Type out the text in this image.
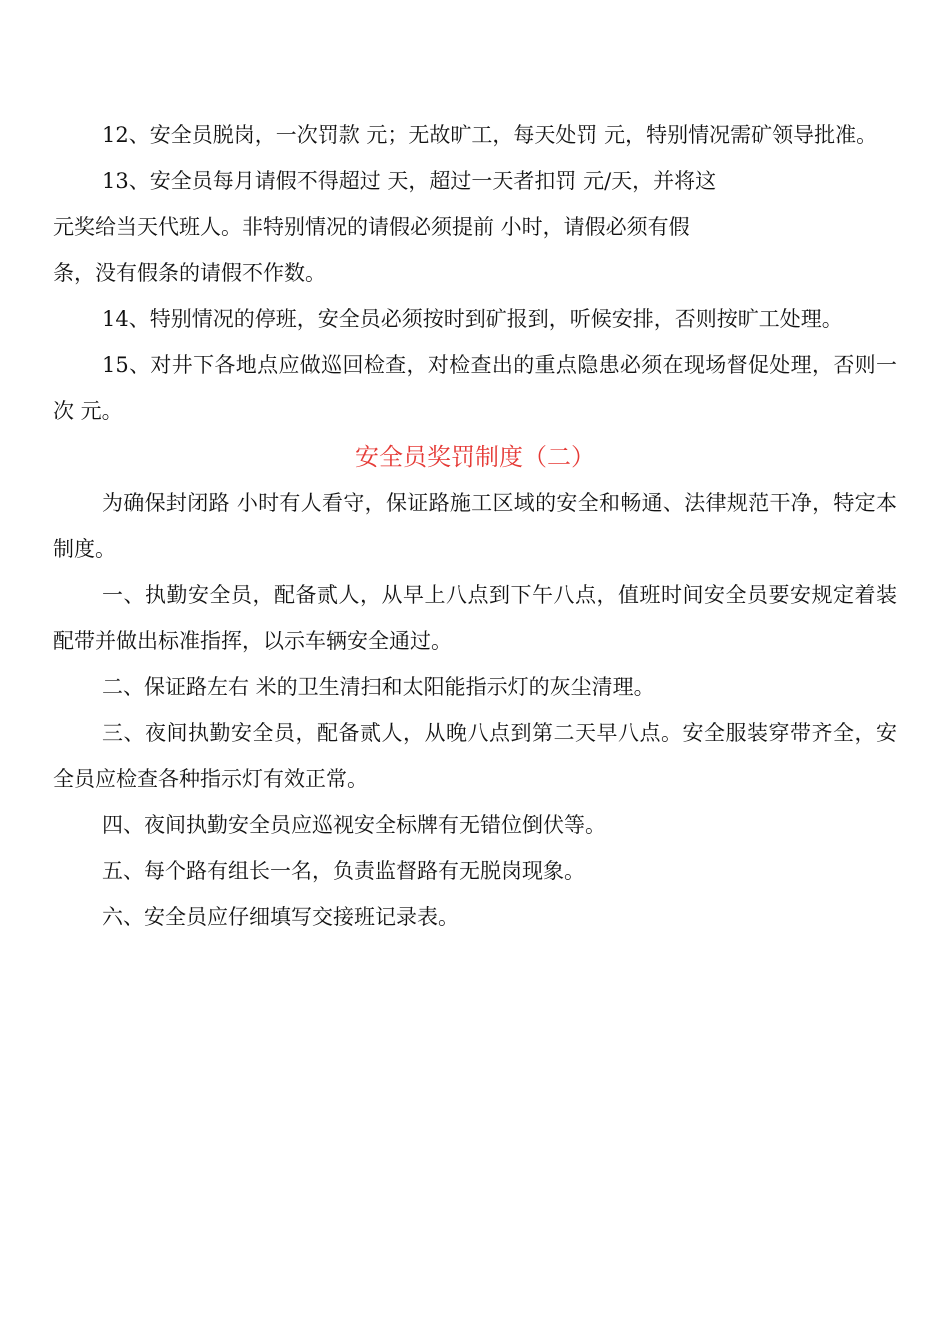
12、安全员脱岗，一次罚款 元；无故旷工，每天处罚 元，特别情况需矿领导批准。

13、安全员每月请假不得超过 天，超过一天者扣罚 元/天，并将这
元奖给当天代班人。非特别情况的请假必须提前 小时，请假必须有假
条，没有假条的请假不作数。

14、特别情况的停班，安全员必须按时到矿报到，听候安排，否则按旷工处理。

15、对井下各地点应做巡回检查，对检查出的重点隐患必须在现场督促处理，否则一次 元。

安全员奖罚制度（二）

为确保封闭路 小时有人看守，保证路施工区域的安全和畅通、法律规范干净，特定本制度。

一、执勤安全员，配备贰人，从早上八点到下午八点，值班时间安全员要安规定着装配带并做出标准指挥，以示车辆安全通过。

二、保证路左右 米的卫生清扫和太阳能指示灯的灰尘清理。

三、夜间执勤安全员，配备贰人，从晚八点到第二天早八点。安全服装穿带齐全，安全员应检查各种指示灯有效正常。

四、夜间执勤安全员应巡视安全标牌有无错位倒伏等。

五、每个路有组长一名，负责监督路有无脱岗现象。

六、安全员应仔细填写交接班记录表。
